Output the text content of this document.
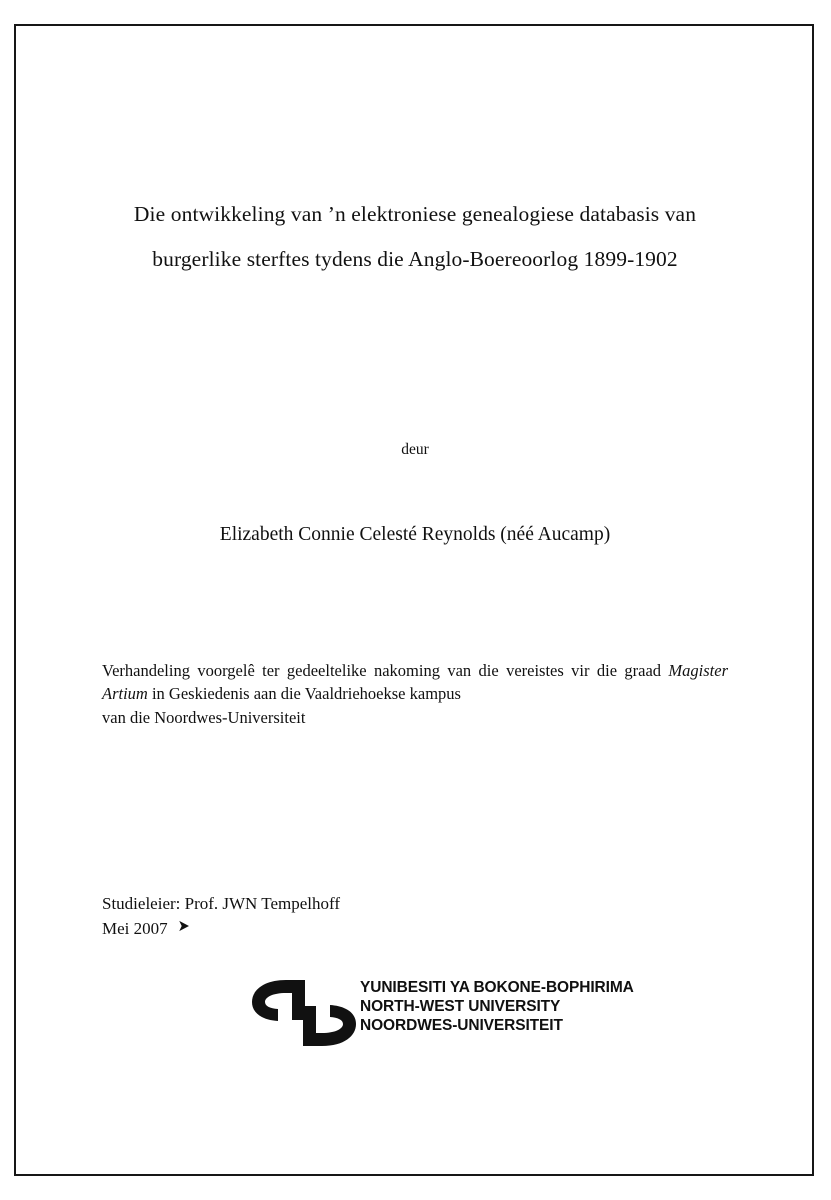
Die ontwikkeling van ’n elektroniese genealogiese databasis van
burgerlike sterftes tydens die Anglo-Boereoorlog 1899-1902
deur
Elizabeth Connie Celesté Reynolds (néé Aucamp)
Verhandeling voorgelê ter gedeeltelike nakoming van die vereistes vir die graad Magister Artium in Geskiedenis aan die Vaaldriehoekse kampus
van die Noordwes-Universiteit
Studieleier: Prof. JWN Tempelhoff
Mei 2007 ➤
YUNIBESITI YA BOKONE-BOPHIRIMA
NORTH-WEST UNIVERSITY
NOORDWES-UNIVERSITEIT
